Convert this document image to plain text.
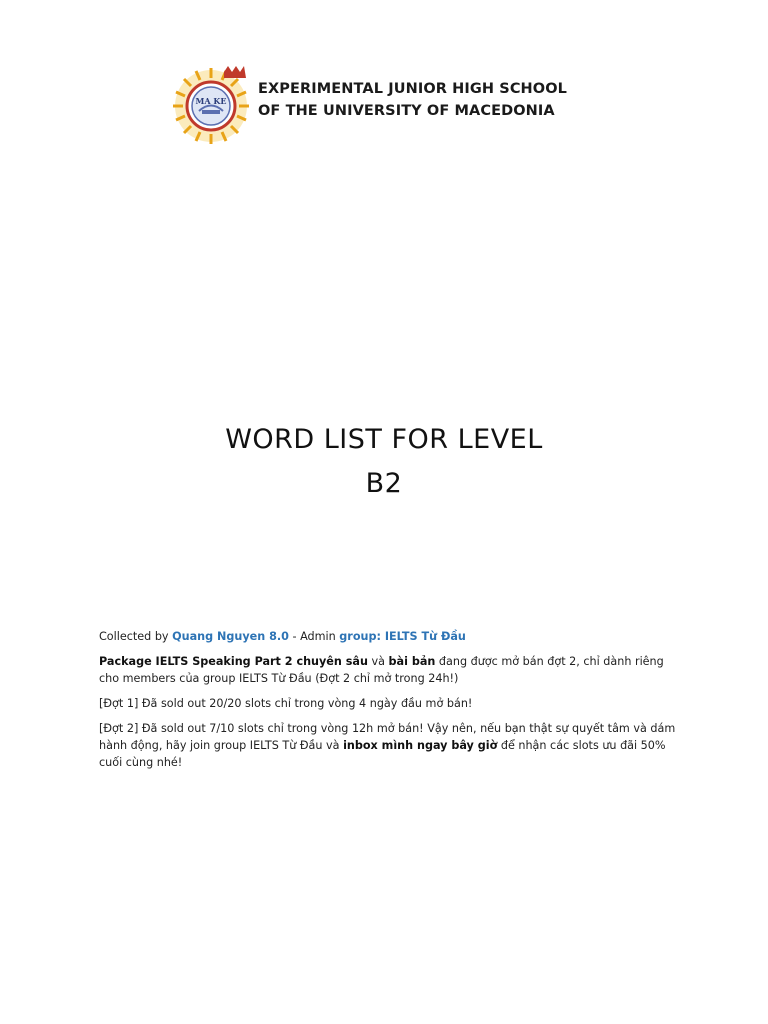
MA KE
EXPERIMENTAL JUNIOR HIGH SCHOOL
OF THE UNIVERSITY OF MACEDONIA
WORD LIST FOR LEVEL
B2

Collected by Quang Nguyen 8.0 - Admin group: IELTS Từ Đầu

Package IELTS Speaking Part 2 chuyên sâu và bài bản đang được mở bán đợt 2, chỉ dành riêng cho members của group IELTS Từ Đầu (Đợt 2 chỉ mở trong 24h!)

[Đợt 1] Đã sold out 20/20 slots chỉ trong vòng 4 ngày đầu mở bán!

[Đợt 2] Đã sold out 7/10 slots chỉ trong vòng 12h mở bán! Vậy nên, nếu bạn thật sự quyết tâm và dám hành động, hãy join group IELTS Từ Đầu và inbox mình ngay bây giờ để nhận các slots ưu đãi 50% cuối cùng nhé!
